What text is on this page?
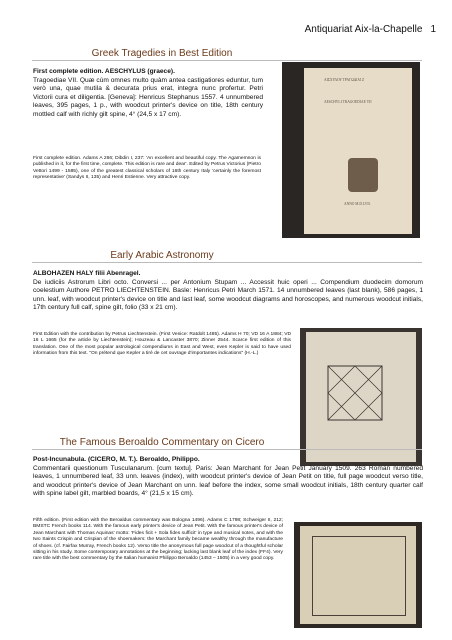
Antiquariat Aix-la-Chapelle 1
Greek Tragedies in Best Edition
First complete edition. AESCHYLUS (graece).
Tragoediae VII. Quæ cùm omnes multo quàm antea castigatiores eduntur, tum verò una, quae mutila & decurata prius erat, integra nunc profertur. Petri Victorii cura et diligentia. [Geneva]: Henricus Stephanus 1557. 4 unnumbered leaves, 395 pages, 1 p., with woodcut printer's device on title, 18th century mottled calf with richly gilt spine, 4° (24,5 x 17 cm).
First complete edition. Adams A 266; Dibdin I, 237: 'An excellent and beautiful copy. The Agamemnon is published in it, for the first time, complete. This edition is rare and dear'. Edited by Petrus Victorius (Pietro Vettori 1499 - 1585), one of the greatest classical scholars of 16th century Italy 'certainly the foremost representative' (Sandys II, 135) and Henri Estienne. Very attractive copy.
ΑΙΣΧΥΛΟΥ ΤΡΑΓΩΔΙΑΙ Ζ
AESCHYLI TRAGOEDIAE VII
ANNO M.D.LVII.
Early Arabic Astronomy
ALBOHAZEN HALY filii Abenragel.
De iudiciis Astrorum Libri octo. Conversi ... per Antonium Stupam ... Accessit huic operi ... Compendium duodecim domorum coelestium Authore PETRO LIECHTENSTEIN. Basle: Henricus Petri March 1571. 14 unnumbered leaves (last blank), 586 pages, 1 unn. leaf, with woodcut printer's device on title and last leaf, some woodcut diagrams and horoscopes, and numerous woodcut initials, 17th century full calf, spine gilt, folio (33 x 21 cm).
First Edition with the contribution by Petrus Liechtenstein. (First Venice: Ratdolt 1485). Adams H 70; VD 16 A 1884; VD 16 L 1665 (for the article by Liechtenstein); Houzeau & Lancaster 3870; Zinner 2544. Scarce first edition of this translation. One of the most popular astrological compendiums in East and West, even Kepler is said to have used information from this text. "On prétend que Kepler a tiré de cet ouvrage d'importantes indications" (H.-L.)
The Famous Beroaldo Commentary on Cicero
Post-Incunabula. (CICERO, M. T.). Beroaldo, Philippo.
Commentarii questionum Tusculanarum. [cum textu]. Paris: Jean Marchant for Jean Petit January 1509. 263 Roman numbered leaves, 1 unnumbered leaf, 33 unn. leaves (index), with woodcut printer's device of Jean Petit on title, full page woodcut verso title, and woodcut printer's device of Jean Marchant on unn. leaf before the index, some small woodcut initials, 18th century quarter calf with spine label gilt, marbled boards, 4° (21,5 x 15 cm).
Fifth edition. (First edition with the Beroaldus commentary was Bologna 1496). Adams C 1798; Schweiger II, 212; BMSTC French books 114. With the famous early printer's device of Jean Petit. With the famous printer's device of Jean Marchant with Thomas Aquinas' motto: 'Fides ficit + Sola fides sufficit' in type and musical notes, and with the two Saints Crispin and Crispian of the shoemakers: the Marchant family became wealthy through the manufacture of shoes. (cf. Fairfax Murray, French books 12). Verso title the anonymous full page woodcut of a thoughtful scholar sitting in his study. Some contemporary annotations at the beginning; lacking last blank leaf of the index (FF4). Very rare title with the best commentary by the Italian humanist Philippo Beroaldo (1453 – 1505) in a very good copy.
